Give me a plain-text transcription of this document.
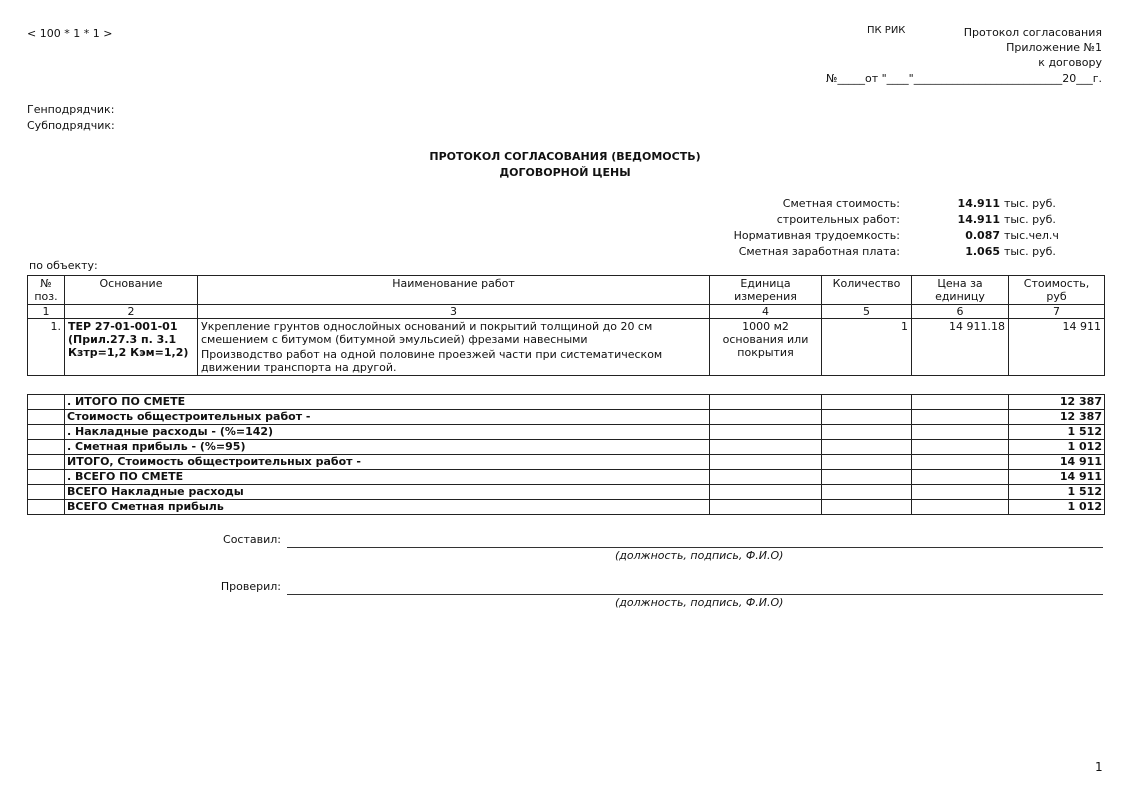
< 100 * 1 * 1 >	ПК РИК	Протокол согласования
Приложение №1
к договору
№_____от "____"___________________________20___г.
Генподрядчик:
Субподрядчик:
ПРОТОКОЛ СОГЛАСОВАНИЯ (ВЕДОМОСТЬ)
ДОГОВОРНОЙ ЦЕНЫ
Сметная стоимость:	14.911 тыс. руб.
строительных работ:	14.911 тыс. руб.
Нормативная трудоемкость:	0.087 тыс.чел.ч
Сметная заработная плата:	1.065 тыс. руб.
по объекту:
№ поз.	Основание	Наименование работ	Единица измерения	Количество	Цена за единицу	Стоимость, руб
1	2	3	4	5	6	7
1.	ТЕР 27-01-001-01 (Прил.27.3 п. 3.1 Кзтр=1,2 Кэм=1,2)	Укрепление грунтов однослойных оснований и покрытий толщиной до 20 см смешением с битумом (битумной эмульсией) фрезами навесными
Производство работ на одной половине проезжей части при систематическом движении транспорта на другой.	1000 м2 основания или покрытия	1	14 911.18	14 911
	. ИТОГО ПО СМЕТЕ				12 387
	Стоимость общестроительных работ -				12 387
	. Накладные расходы - (%=142)				1 512
	. Сметная прибыль - (%=95)				1 012
	ИТОГО, Стоимость общестроительных работ -				14 911
	. ВСЕГО ПО СМЕТЕ				14 911
	ВСЕГО Накладные расходы				1 512
	ВСЕГО Сметная прибыль				1 012
Составил:
(должность, подпись, Ф.И.О)
Проверил:
(должность, подпись, Ф.И.О)
1
